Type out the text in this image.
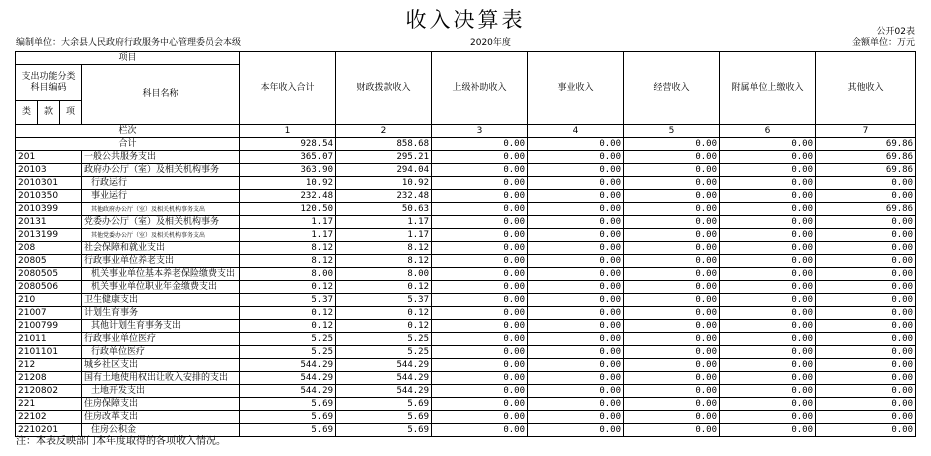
收入决算表	公开02表
编制单位：大余县人民政府行政服务中心管理委员会本级	2020年度	金额单位：万元
项目				本年收入合计	财政拨款收入	上级补助收入	事业收入	经营收入	附属单位上缴收入	其他收入
支出功能分类科目编码			科目名称							
类	款	项								
栏次				1	2	3	4	5	6	7
合计				928.54	858.68	0.00	0.00	0.00	0.00	69.86
201			一般公共服务支出	365.07	295.21	0.00	0.00	0.00	0.00	69.86
20103			政府办公厅（室）及相关机构事务	363.90	294.04	0.00	0.00	0.00	0.00	69.86
2010301			行政运行	10.92	10.92	0.00	0.00	0.00	0.00	0.00
2010350			事业运行	232.48	232.48	0.00	0.00	0.00	0.00	0.00
2010399			其他政府办公厅（室）及相关机构事务支出	120.50	50.63	0.00	0.00	0.00	0.00	69.86
20131			党委办公厅（室）及相关机构事务	1.17	1.17	0.00	0.00	0.00	0.00	0.00
2013199			其他党委办公厅（室）及相关机构事务支出	1.17	1.17	0.00	0.00	0.00	0.00	0.00
208			社会保障和就业支出	8.12	8.12	0.00	0.00	0.00	0.00	0.00
20805			行政事业单位养老支出	8.12	8.12	0.00	0.00	0.00	0.00	0.00
2080505			机关事业单位基本养老保险缴费支出	8.00	8.00	0.00	0.00	0.00	0.00	0.00
2080506			机关事业单位职业年金缴费支出	0.12	0.12	0.00	0.00	0.00	0.00	0.00
210			卫生健康支出	5.37	5.37	0.00	0.00	0.00	0.00	0.00
21007			计划生育事务	0.12	0.12	0.00	0.00	0.00	0.00	0.00
2100799			其他计划生育事务支出	0.12	0.12	0.00	0.00	0.00	0.00	0.00
21011			行政事业单位医疗	5.25	5.25	0.00	0.00	0.00	0.00	0.00
2101101			行政单位医疗	5.25	5.25	0.00	0.00	0.00	0.00	0.00
212			城乡社区支出	544.29	544.29	0.00	0.00	0.00	0.00	0.00
21208			国有土地使用权出让收入安排的支出	544.29	544.29	0.00	0.00	0.00	0.00	0.00
2120802			土地开发支出	544.29	544.29	0.00	0.00	0.00	0.00	0.00
221			住房保障支出	5.69	5.69	0.00	0.00	0.00	0.00	0.00
22102			住房改革支出	5.69	5.69	0.00	0.00	0.00	0.00	0.00
2210201			住房公积金	5.69	5.69	0.00	0.00	0.00	0.00	0.00
注：本表反映部门本年度取得的各项收入情况。
